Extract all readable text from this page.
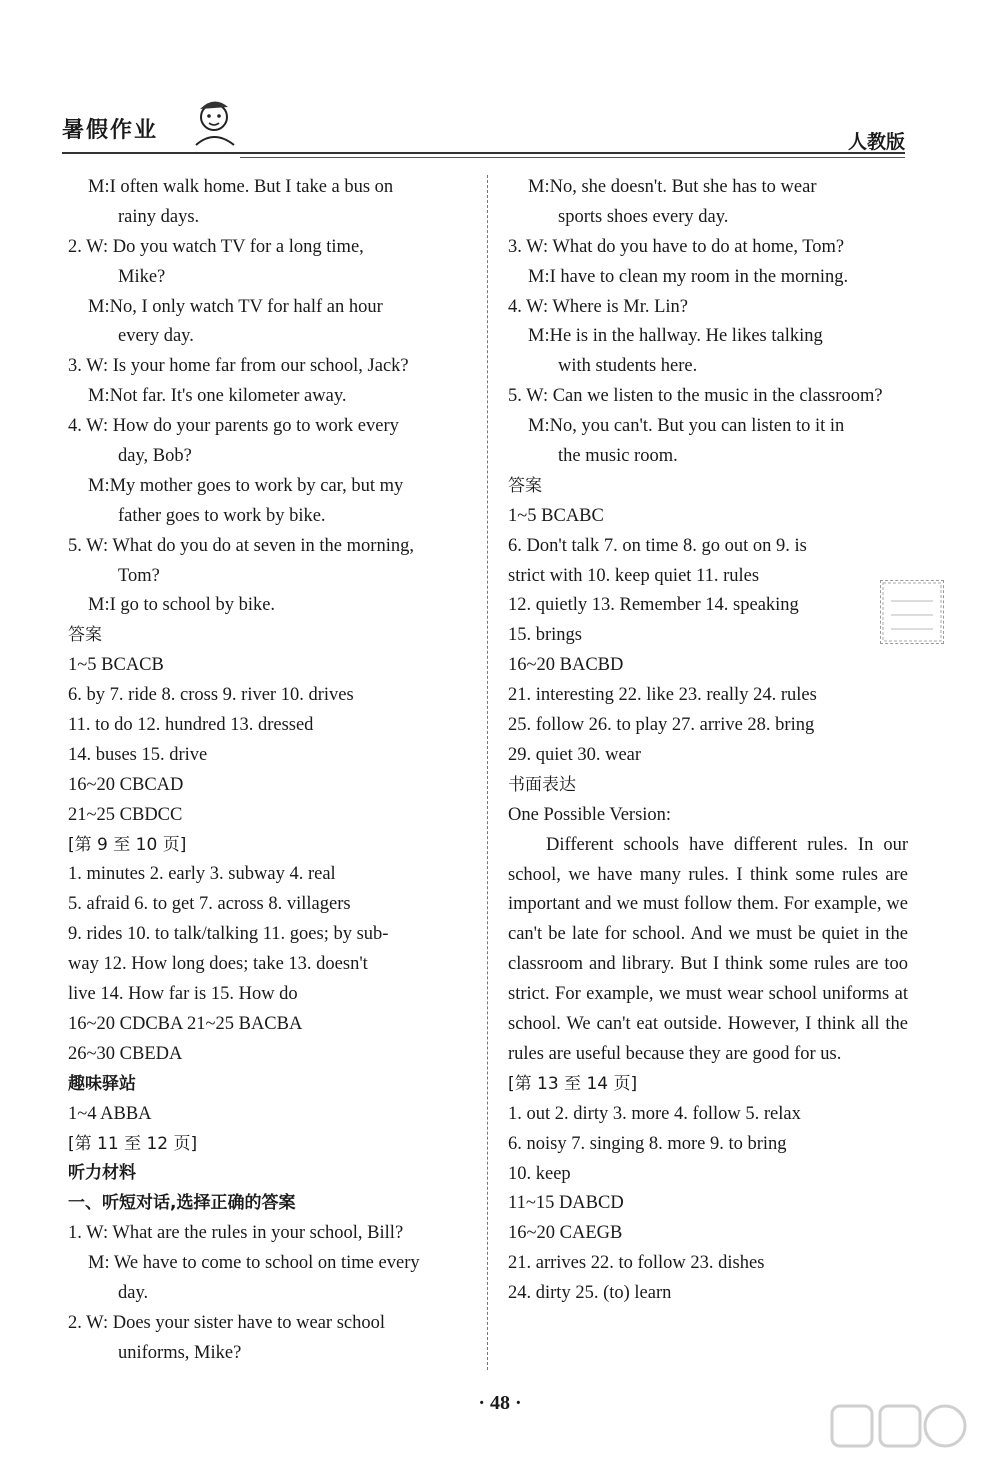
暑假作业	人教版
M:I often walk home. But I take a bus on
rainy days.
2. W: Do you watch TV for a long time,
Mike?
M:No, I only watch TV for half an hour
every day.
3. W: Is your home far from our school, Jack?
M:Not far. It's one kilometer away.
4. W: How do your parents go to work every
day, Bob?
M:My mother goes to work by car, but my
father goes to work by bike.
5. W: What do you do at seven in the morning,
Tom?
M:I go to school by bike.
答案
1~5 BCACB
6. by 7. ride 8. cross 9. river 10. drives
11. to do 12. hundred 13. dressed
14. buses 15. drive
16~20 CBCAD
21~25 CBDCC
[第 9 至 10 页]
1. minutes 2. early 3. subway 4. real
5. afraid 6. to get 7. across 8. villagers
9. rides 10. to talk/talking 11. goes; by sub-
way 12. How long does; take 13. doesn't
live 14. How far is 15. How do
16~20 CDCBA 21~25 BACBA
26~30 CBEDA
趣味驿站
1~4 ABBA
[第 11 至 12 页]
听力材料
一、听短对话,选择正确的答案
1. W: What are the rules in your school, Bill?
M: We have to come to school on time every
day.
2. W: Does your sister have to wear school
uniforms, Mike?
M:No, she doesn't. But she has to wear
sports shoes every day.
3. W: What do you have to do at home, Tom?
M:I have to clean my room in the morning.
4. W: Where is Mr. Lin?
M:He is in the hallway. He likes talking
with students here.
5. W: Can we listen to the music in the classroom?
M:No, you can't. But you can listen to it in
the music room.
答案
1~5 BCABC
6. Don't talk 7. on time 8. go out on 9. is
strict with 10. keep quiet 11. rules
12. quietly 13. Remember 14. speaking
15. brings
16~20 BACBD
21. interesting 22. like 23. really 24. rules
25. follow 26. to play 27. arrive 28. bring
29. quiet 30. wear
书面表达
One Possible Version:
Different schools have different rules. In our school, we have many rules. I think some rules are important and we must follow them. For example, we can't be late for school. And we must be quiet in the classroom and library. But I think some rules are too strict. For example, we must wear school uniforms at school. We can't eat outside. However, I think all the rules are useful because they are good for us.
[第 13 至 14 页]
1. out 2. dirty 3. more 4. follow 5. relax
6. noisy 7. singing 8. more 9. to bring
10. keep
11~15 DABCD
16~20 CAEGB
21. arrives 22. to follow 23. dishes
24. dirty 25. (to) learn
· 48 ·
